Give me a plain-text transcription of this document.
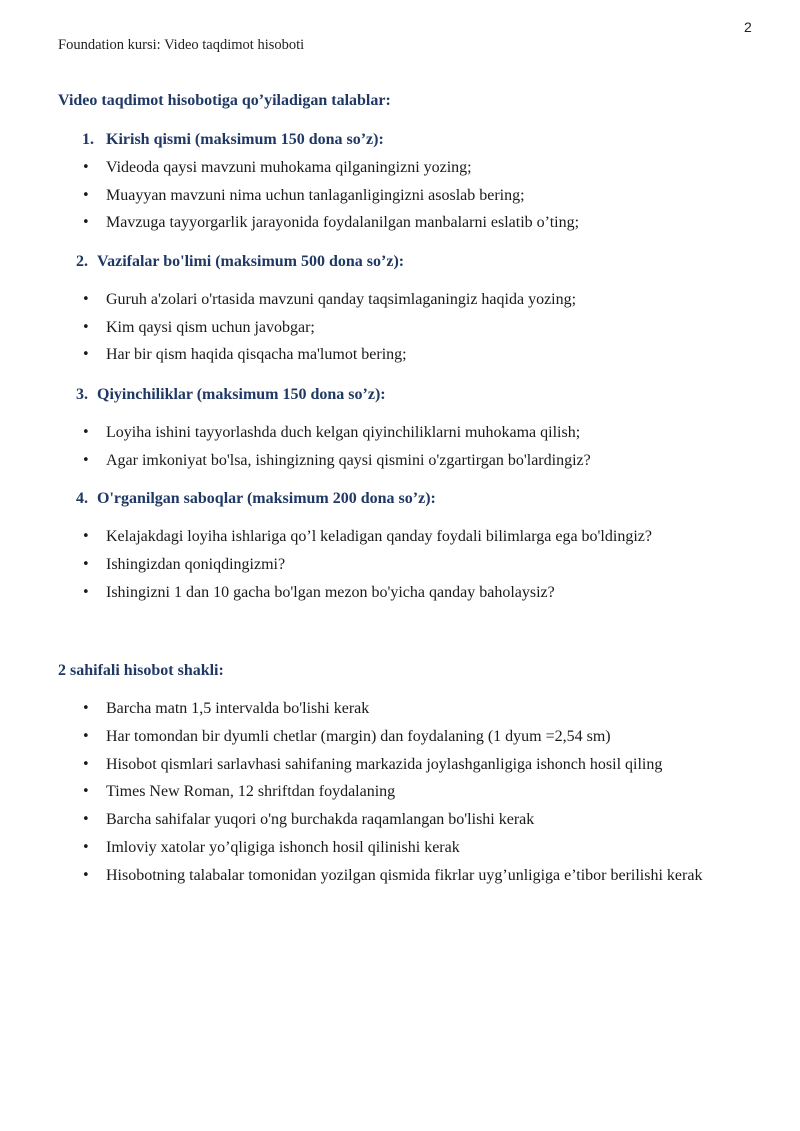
2
Foundation kursi: Video taqdimot hisoboti
Video taqdimot hisobotiga qo’yiladigan talablar:
1. Kirish qismi (maksimum 150 dona so’z):
• Videoda qaysi mavzuni muhokama qilganingizni yozing;
• Muayyan mavzuni nima uchun tanlaganligingizni asoslab bering;
• Mavzuga tayyorgarlik jarayonida foydalanilgan manbalarni eslatib o’ting;
2. Vazifalar bo'limi (maksimum 500 dona so’z):
• Guruh a'zolari o'rtasida mavzuni qanday taqsimlaganingiz haqida yozing;
• Kim qaysi qism uchun javobgar;
• Har bir qism haqida qisqacha ma'lumot bering;
3. Qiyinchiliklar (maksimum 150 dona so’z):
• Loyiha ishini tayyorlashda duch kelgan qiyinchiliklarni muhokama qilish;
• Agar imkoniyat bo'lsa, ishingizning qaysi qismini o'zgartirgan bo'lardingiz?
4. O'rganilgan saboqlar (maksimum 200 dona so’z):
• Kelajakdagi loyiha ishlariga qo’l keladigan qanday foydali bilimlarga ega bo'ldingiz?
• Ishingizdan qoniqdingizmi?
• Ishingizni 1 dan 10 gacha bo'lgan mezon bo'yicha qanday baholaysiz?
2 sahifali hisobot shakli:
• Barcha matn 1,5 intervalda bo'lishi kerak
• Har tomondan bir dyumli chetlar (margin) dan foydalaning (1 dyum =2,54 sm)
• Hisobot qismlari sarlavhasi sahifaning markazida joylashganligiga ishonch hosil qiling
• Times New Roman, 12 shriftdan foydalaning
• Barcha sahifalar yuqori o'ng burchakda raqamlangan bo'lishi kerak
• Imloviy xatolar yo’qligiga ishonch hosil qilinishi kerak
• Hisobotning talabalar tomonidan yozilgan qismida fikrlar uyg’unligiga e’tibor berilishi kerak
